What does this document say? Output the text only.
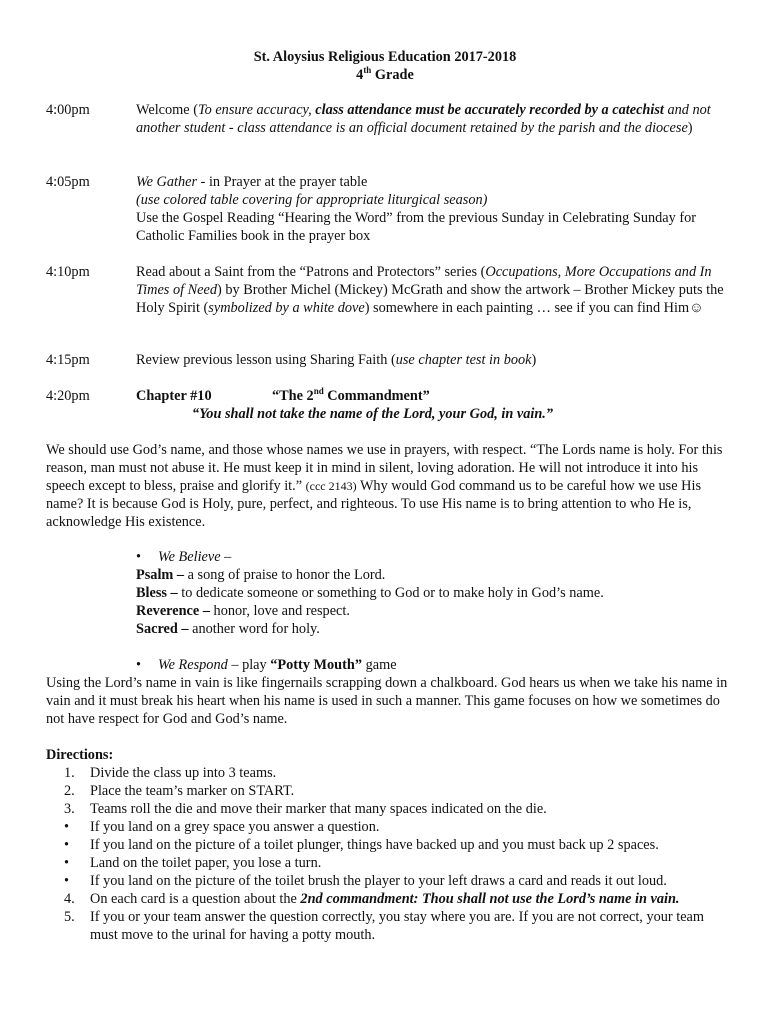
St. Aloysius Religious Education 2017-2018
4th Grade
4:00pm	Welcome (To ensure accuracy, class attendance must be accurately recorded by a catechist and not another student - class attendance is an official document retained by the parish and the diocese)
4:05pm	We Gather - in Prayer at the prayer table
(use colored table covering for appropriate liturgical season)
Use the Gospel Reading “Hearing the Word” from the previous Sunday in Celebrating Sunday for Catholic Families book in the prayer box
4:10pm	Read about a Saint from the “Patrons and Protectors” series (Occupations, More Occupations and In Times of Need) by Brother Michel (Mickey) McGrath and show the artwork – Brother Mickey puts the Holy Spirit (symbolized by a white dove) somewhere in each painting … see if you can find Him☺
4:15pm	Review previous lesson using Sharing Faith (use chapter test in book)
4:20pm	Chapter #10	“The 2nd Commandment”
“You shall not take the name of the Lord, your God, in vain.”
We should use God’s name, and those whose names we use in prayers, with respect. “The Lords name is holy. For this reason, man must not abuse it. He must keep it in mind in silent, loving adoration. He will not introduce it into his speech except to bless, praise and glorify it.” (ccc 2143) Why would God command us to be careful how we use His name? It is because God is Holy, pure, perfect, and righteous. To use His name is to bring attention to who He is, acknowledge His existence.
• We Believe –
Psalm – a song of praise to honor the Lord.
Bless – to dedicate someone or something to God or to make holy in God’s name.
Reverence – honor, love and respect.
Sacred – another word for holy.
• We Respond – play “Potty Mouth” game
Using the Lord’s name in vain is like fingernails scrapping down a chalkboard. God hears us when we take his name in vain and it must break his heart when his name is used in such a manner. This game focuses on how we sometimes do not have respect for God and God’s name.
Directions:
1.	Divide the class up into 3 teams.
2.	Place the team’s marker on START.
3.	Teams roll the die and move their marker that many spaces indicated on the die.
•	If you land on a grey space you answer a question.
•	If you land on the picture of a toilet plunger, things have backed up and you must back up 2 spaces.
•	Land on the toilet paper, you lose a turn.
•	If you land on the picture of the toilet brush the player to your left draws a card and reads it out loud.
4.	On each card is a question about the 2nd commandment: Thou shall not use the Lord’s name in vain.
5.	If you or your team answer the question correctly, you stay where you are. If you are not correct, your team must move to the urinal for having a potty mouth.
